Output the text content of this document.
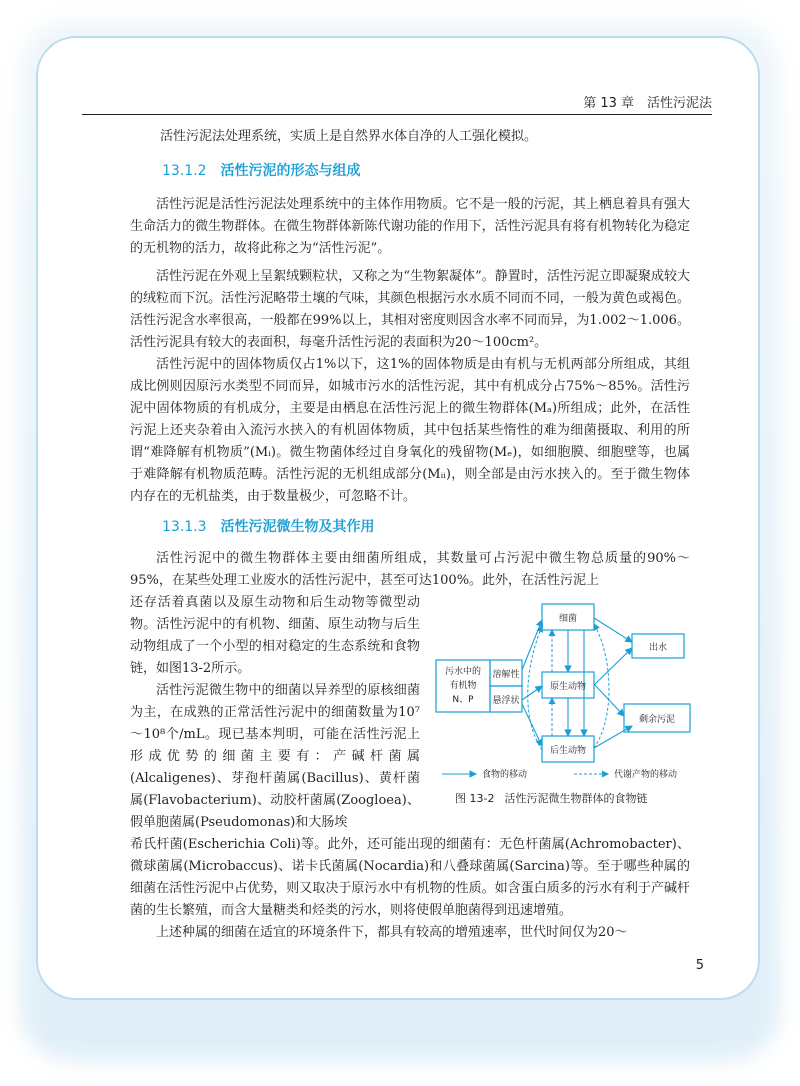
第 13 章　活性污泥法

活性污泥法处理系统，实质上是自然界水体自净的人工强化模拟。

13.1.2 活性污泥的形态与组成

活性污泥是活性污泥法处理系统中的主体作用物质。它不是一般的污泥，其上栖息着具有强大生命活力的微生物群体。在微生物群体新陈代谢功能的作用下，活性污泥具有将有机物转化为稳定的无机物的活力，故将此称之为“活性污泥”。

活性污泥在外观上呈絮绒颗粒状，又称之为“生物絮凝体”。静置时，活性污泥立即凝聚成较大的绒粒而下沉。活性污泥略带土壤的气味，其颜色根据污水水质不同而不同，一般为黄色或褐色。活性污泥含水率很高，一般都在99%以上，其相对密度则因含水率不同而异，为1.002～1.006。活性污泥具有较大的表面积，每毫升活性污泥的表面积为20～100cm²。

活性污泥中的固体物质仅占1%以下，这1%的固体物质是由有机与无机两部分所组成，其组成比例则因原污水类型不同而异，如城市污水的活性污泥，其中有机成分占75%～85%。活性污泥中固体物质的有机成分，主要是由栖息在活性污泥上的微生物群体(Mₐ)所组成；此外，在活性污泥上还夹杂着由入流污水挟入的有机固体物质，其中包括某些惰性的难为细菌摄取、利用的所谓“难降解有机物质”(Mᵢ)。微生物菌体经过自身氧化的残留物(Mₑ)，如细胞膜、细胞壁等，也属于难降解有机物质范畴。活性污泥的无机组成部分(Mᵢᵢ)，则全部是由污水挟入的。至于微生物体内存在的无机盐类，由于数量极少，可忽略不计。

13.1.3 活性污泥微生物及其作用

活性污泥中的微生物群体主要由细菌所组成，其数量可占污泥中微生物总质量的90%～95%，在某些处理工业废水的活性污泥中，甚至可达100%。此外，在活性污泥上

还存活着真菌以及原生动物和后生动物等微型动物。活性污泥中的有机物、细菌、原生动物与后生动物组成了一个小型的相对稳定的生态系统和食物链，如图13-2所示。

活性污泥微生物中的细菌以异养型的原核细菌为主，在成熟的正常活性污泥中的细菌数量为10⁷～10⁸个/mL。现已基本判明，可能在活性污泥上形成优势的细菌主要有：产碱杆菌属(Alcaligenes)、芽孢杆菌属(Bacillus)、黄杆菌属(Flavobacterium)、动胶杆菌属(Zoogloea)、假单胞菌属(Pseudomonas)和大肠埃

希氏杆菌(Escherichia Coli)等。此外，还可能出现的细菌有：无色杆菌属(Achromobacter)、微球菌属(Microbaccus)、诺卡氏菌属(Nocardia)和八叠球菌属(Sarcina)等。至于哪些种属的细菌在活性污泥中占优势，则又取决于原污水中有机物的性质。如含蛋白质多的污水有利于产碱杆菌的生长繁殖，而含大量糖类和烃类的污水，则将使假单胞菌得到迅速增殖。

上述种属的细菌在适宜的环境条件下，都具有较高的增殖速率，世代时间仅为20～

污水中的
有机物
N、P
溶解性
悬浮状
细菌
原生动物
后生动物
出水
剩余污泥
食物的移动	代谢产物的移动
图 13-2 活性污泥微生物群体的食物链
5
